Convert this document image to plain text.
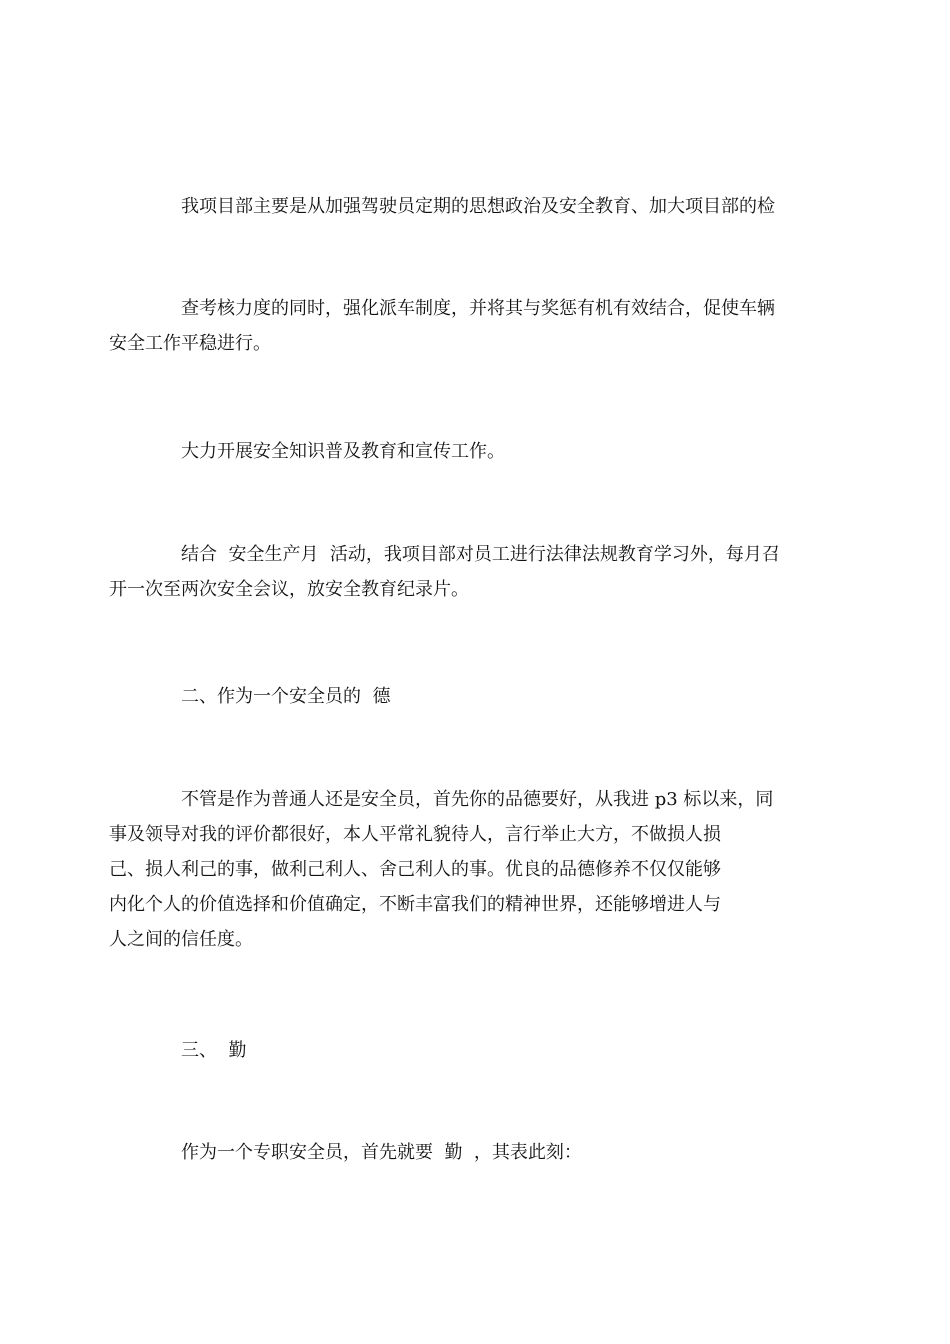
我项目部主要是从加强驾驶员定期的思想政治及安全教育、加大项目部的检

查考核力度的同时，强化派车制度，并将其与奖惩有机有效结合，促使车辆
安全工作平稳进行。

大力开展安全知识普及教育和宣传工作。

结合  安全生产月  活动，我项目部对员工进行法律法规教育学习外，每月召
开一次至两次安全会议，放安全教育纪录片。

二、作为一个安全员的  德

不管是作为普通人还是安全员，首先你的品德要好，从我进 p3 标以来，同
事及领导对我的评价都很好，本人平常礼貌待人，言行举止大方，不做损人损
己、损人利己的事，做利己利人、舍己利人的事。优良的品德修养不仅仅能够
内化个人的价值选择和价值确定，不断丰富我们的精神世界，还能够增进人与
人之间的信任度。

三、  勤

作为一个专职安全员，首先就要  勤  ，其表此刻：
